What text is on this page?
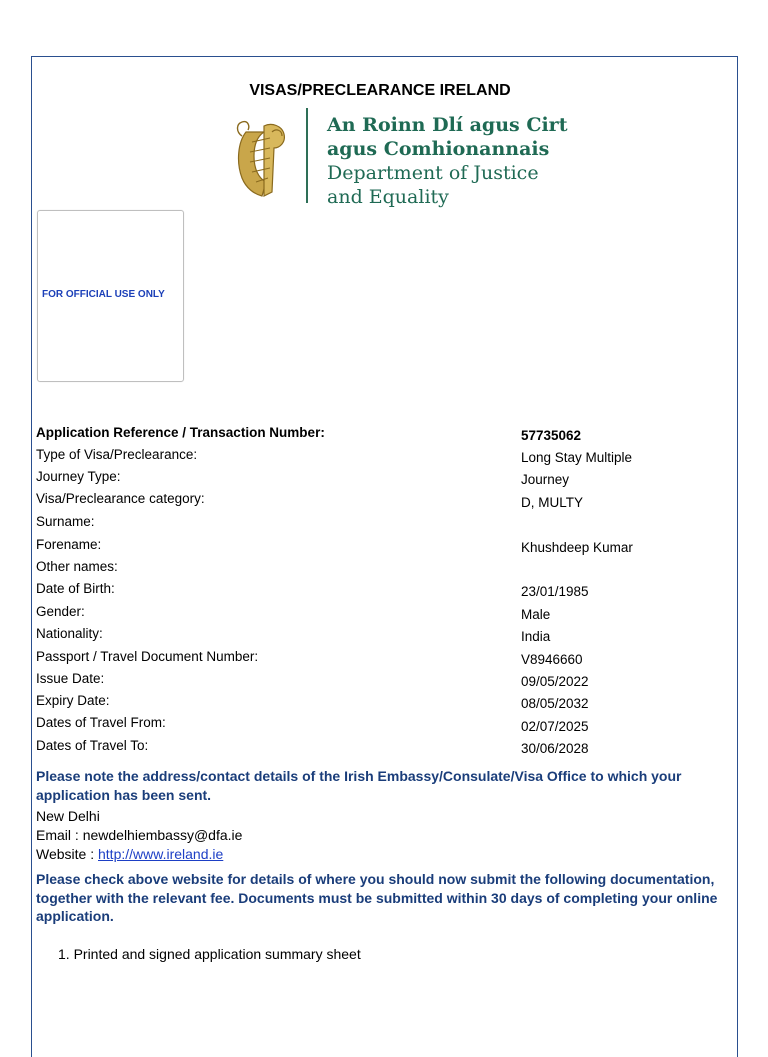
VISAS/PRECLEARANCE IRELAND
An Roinn Dlí agus Cirt
agus Comhionannais
Department of Justice
and Equality
FOR OFFICIAL USE ONLY
Application Reference / Transaction Number:	57735062
Type of Visa/Preclearance:	Long Stay Multiple
Journey Type:	Journey
Visa/Preclearance category:	D, MULTY
Surname:
Forename:	Khushdeep Kumar
Other names:
Date of Birth:	23/01/1985
Gender:	Male
Nationality:	India
Passport / Travel Document Number:	V8946660
Issue Date:	09/05/2022
Expiry Date:	08/05/2032
Dates of Travel From:	02/07/2025
Dates of Travel To:	30/06/2028
Please note the address/contact details of the Irish Embassy/Consulate/Visa Office to which your application has been sent.
New Delhi
Email : newdelhiembassy@dfa.ie
Website : http://www.ireland.ie
Please check above website for details of where you should now submit the following documentation, together with the relevant fee. Documents must be submitted within 30 days of completing your online application.
1. Printed and signed application summary sheet
